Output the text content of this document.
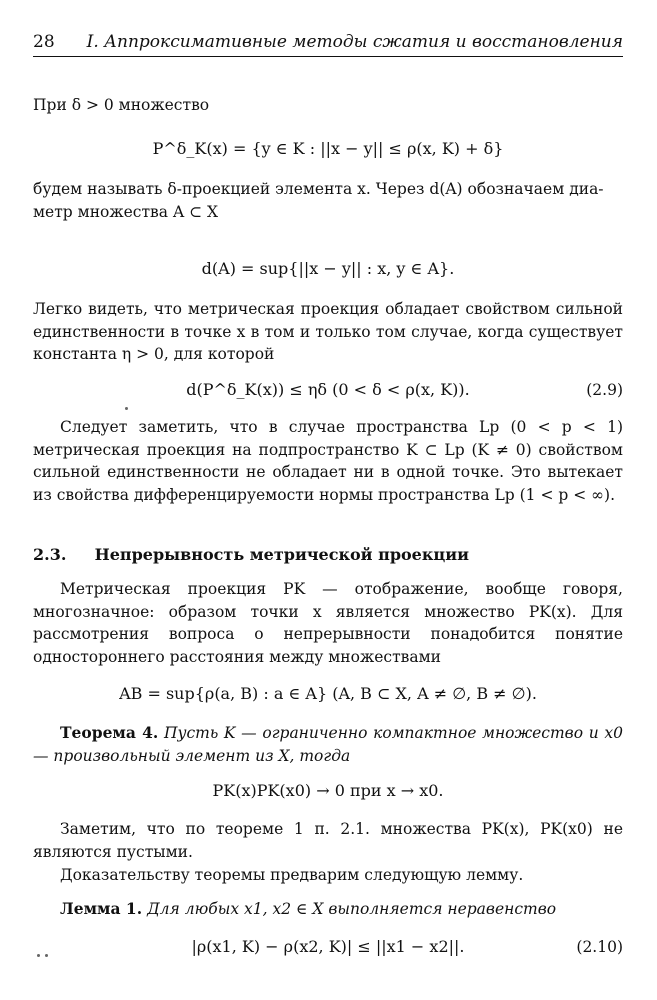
28 I. Аппроксимативные методы сжатия и восстановления

При δ > 0 множество

P^δ_K(x) = {y ∈ K : ||x − y|| ≤ ρ(x, K) + δ}

будем называть δ-проекцией элемента x. Через d(A) обозначаем диа-

метр множества A ⊂ X

d(A) = sup{||x − y|| : x, y ∈ A}.

Легко видеть, что метрическая проекция обладает свойством сильной единственности в точке x в том и только том случае, когда существует константа η > 0, для которой

d(P^δ_K(x)) ≤ ηδ (0 < δ < ρ(x, K)).	(2.9)

Следует заметить, что в случае пространства Lp (0 < p < 1) метрическая проекция на подпространство K ⊂ Lp (K ≠ 0) свойством сильной единственности не обладает ни в одной точке. Это вытекает из свойства дифференцируемости нормы пространства Lp (1 < p < ∞).

2.3. Непрерывность метрической проекции

Метрическая проекция PK — отображение, вообще говоря, многозначное: образом точки x является множество PK(x). Для рассмотрения вопроса о непрерывности понадобится понятие одностороннего расстояния между множествами

AB = sup{ρ(a, B) : a ∈ A} (A, B ⊂ X, A ≠ ∅, B ≠ ∅).

Теорема 4. Пусть K — ограниченно компактное множество и x0 — произвольный элемент из X, тогда

PK(x)PK(x0) → 0 при x → x0.

Заметим, что по теореме 1 п. 2.1. множества PK(x), PK(x0) не являются пустыми.

Доказательству теоремы предварим следующую лемму.

Лемма 1. Для любых x1, x2 ∈ X выполняется неравенство

|ρ(x1, K) − ρ(x2, K)| ≤ ||x1 − x2||.	(2.10)
